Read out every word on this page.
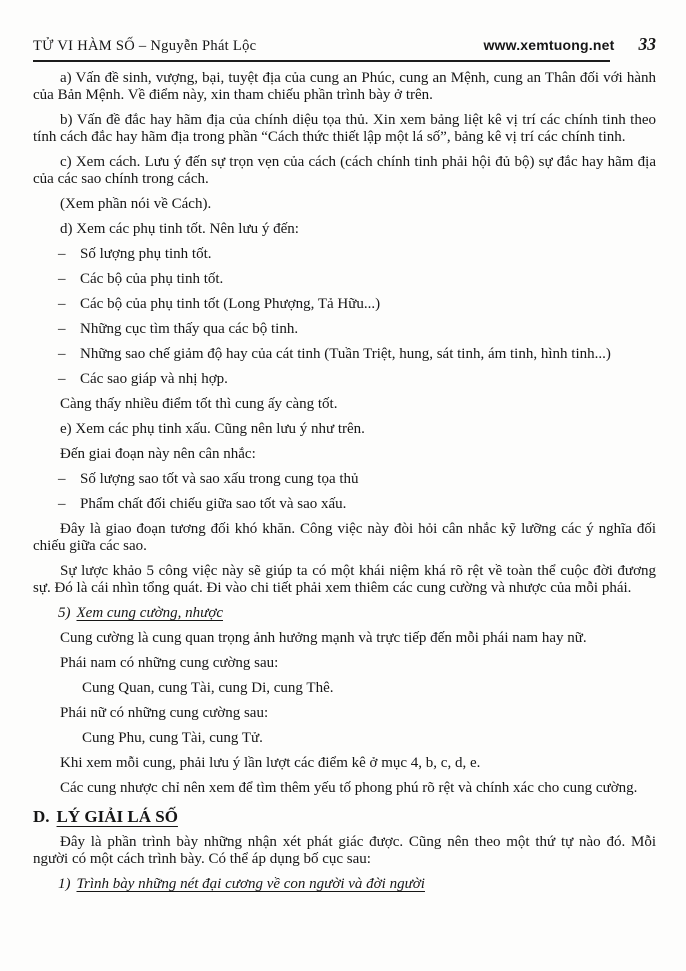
TỬ VI HÀM SỐ – Nguyễn Phát Lộc	www.xemtuong.net 33

a) Vấn đề sinh, vượng, bại, tuyệt địa của cung an Phúc, cung an Mệnh, cung an Thân đối với hành của Bản Mệnh. Về điểm này, xin tham chiếu phần trình bày ở trên.

b) Vấn đề đắc hay hãm địa của chính diệu tọa thủ. Xin xem bảng liệt kê vị trí các chính tinh theo tính cách đắc hay hãm địa trong phần “Cách thức thiết lập một lá số”, bảng kê vị trí các chính tinh.

c) Xem cách. Lưu ý đến sự trọn vẹn của cách (cách chính tinh phải hội đủ bộ) sự đắc hay hãm địa của các sao chính trong cách.

(Xem phần nói về Cách).

d) Xem các phụ tinh tốt. Nên lưu ý đến:

– Số lượng phụ tinh tốt.

– Các bộ của phụ tinh tốt.

– Các bộ của phụ tinh tốt (Long Phượng, Tả Hữu...)

– Những cục tìm thấy qua các bộ tinh.

– Những sao chế giảm độ hay của cát tinh (Tuần Triệt, hung, sát tinh, ám tinh, hình tinh...)

– Các sao giáp và nhị hợp.

Càng thấy nhiều điểm tốt thì cung ấy càng tốt.

e) Xem các phụ tinh xấu. Cũng nên lưu ý như trên.

Đến giai đoạn này nên cân nhắc:

– Số lượng sao tốt và sao xấu trong cung tọa thủ

– Phẩm chất đối chiếu giữa sao tốt và sao xấu.

Đây là giao đoạn tương đối khó khăn. Công việc này đòi hỏi cân nhắc kỹ lưỡng các ý nghĩa đối chiếu giữa các sao.

Sự lược khảo 5 công việc này sẽ giúp ta có một khái niệm khá rõ rệt về toàn thể cuộc đời đương sự. Đó là cái nhìn tổng quát. Đi vào chi tiết phải xem thiêm các cung cường và nhược của mỗi phái.

5) Xem cung cường, nhược

Cung cường là cung quan trọng ảnh hưởng mạnh và trực tiếp đến mỗi phái nam hay nữ.

Phái nam có những cung cường sau:

Cung Quan, cung Tài, cung Di, cung Thê.

Phái nữ có những cung cường sau:

Cung Phu, cung Tài, cung Tử.

Khi xem mỗi cung, phải lưu ý lần lượt các điểm kê ở mục 4, b, c, d, e.

Các cung nhược chỉ nên xem để tìm thêm yếu tố phong phú rõ rệt và chính xác cho cung cường.

D. LÝ GIẢI LÁ SỐ

Đây là phần trình bày những nhận xét phát giác được. Cũng nên theo một thứ tự nào đó. Mỗi người có một cách trình bày. Có thể áp dụng bố cục sau:

1) Trình bày những nét đại cương về con người và đời người
